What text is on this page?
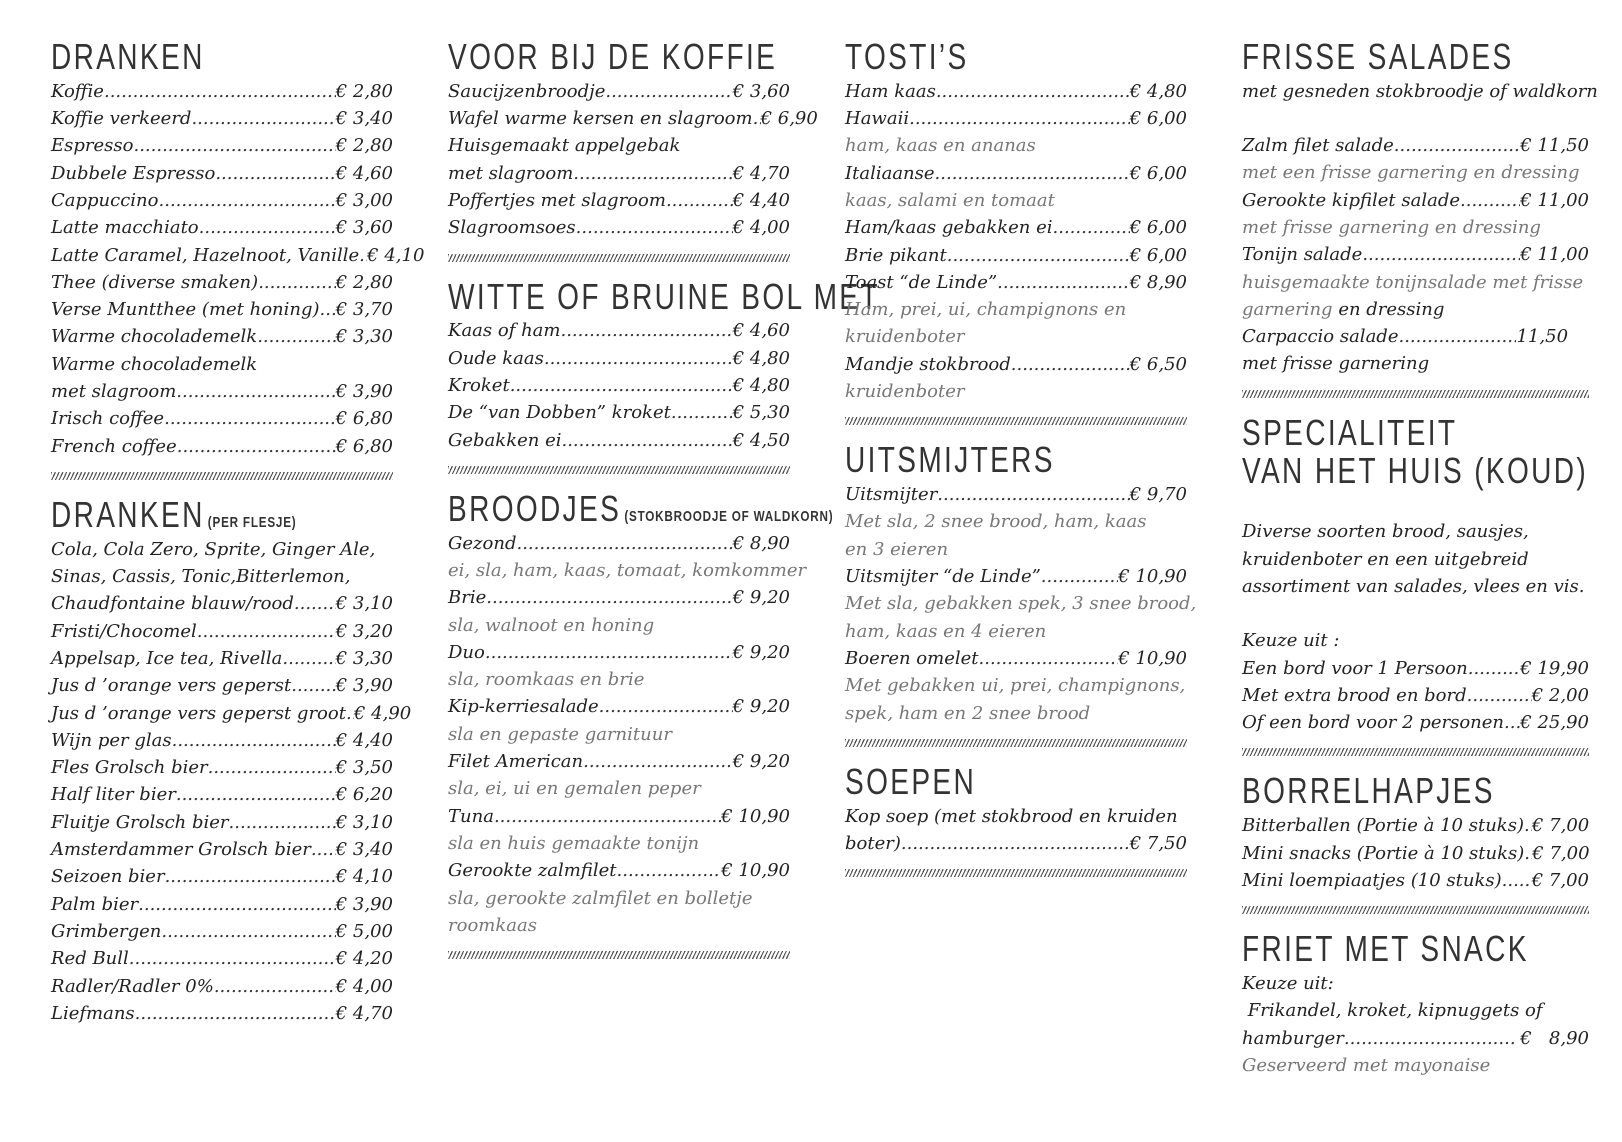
DRANKEN
Koffie .....	€ 2,80
Koffie verkeerd .....	€ 3,40
Espresso .....	€ 2,80
Dubbele Espresso .....	€ 4,60
Cappuccino .....	€ 3,00
Latte macchiato .....	€ 3,60
Latte Caramel, Hazelnoot, Vanille ..... € 4,10
Thee (diverse smaken) .....	€ 2,80
Verse Muntthee (met honing) ..... € 3,70
Warme chocolademelk .....	€ 3,30
Warme chocolademelk
met slagroom .....	€ 3,90
Irisch coffee .....	€ 6,80
French coffee .....	€ 6,80
DRANKEN (PER FLESJE)
Cola, Cola Zero, Sprite, Ginger Ale,
Sinas, Cassis, Tonic,Bitterlemon,
Chaudfontaine blauw/rood ..... € 3,10
Fristi/Chocomel .....	€ 3,20
Appelsap, Ice tea, Rivella .....	€ 3,30
Jus d ’orange vers geperst ..... € 3,90
Jus d ’orange vers geperst groot ..... € 4,90
Wijn per glas .....	€ 4,40
Fles Grolsch bier .....	€ 3,50
Half liter bier .....	€ 6,20
Fluitje Grolsch bier .....	€ 3,10
Amsterdammer Grolsch bier ..... € 3,40
Seizoen bier .....	€ 4,10
Palm bier .....	€ 3,90
Grimbergen .....	€ 5,00
Red Bull .....	€ 4,20
Radler/Radler 0% .....	€ 4,00
Liefmans .....	€ 4,70
VOOR BIJ DE KOFFIE
Saucijzenbroodje .....	€ 3,60
Wafel warme kersen en slagroom ..... € 6,90
Huisgemaakt appelgebak
met slagroom .....	€ 4,70
Poffertjes met slagroom .....	€ 4,40
Slagroomsoes .....	€ 4,00
WITTE OF BRUINE BOL MET
Kaas of ham .....	€ 4,60
Oude kaas .....	€ 4,80
Kroket .....	€ 4,80
De “van Dobben” kroket .....	€ 5,30
Gebakken ei .....	€ 4,50
BROODJES (STOKBROODJE OF WALDKORN)
Gezond .....	€ 8,90
ei, sla, ham, kaas, tomaat, komkommer
Brie .....	€ 9,20
sla, walnoot en honing
Duo .....	€ 9,20
sla, roomkaas en brie
Kip-kerriesalade .....	€ 9,20
sla en gepaste garnituur
Filet American .....	€ 9,20
sla, ei, ui en gemalen peper
Tuna .....	€ 10,90
sla en huis gemaakte tonijn
Gerookte zalmfilet .....	€ 10,90
sla, gerookte zalmfilet en bolletje
roomkaas
TOSTI’S
Ham kaas .....	€ 4,80
Hawaii .....	€ 6,00
ham, kaas en ananas
Italiaanse .....	€ 6,00
kaas, salami en tomaat
Ham/kaas gebakken ei .....	€ 6,00
Brie pikant .....	€ 6,00
Toast “de Linde” .....	€ 8,90
Ham, prei, ui, champignons en
kruidenboter
Mandje stokbrood .....	€ 6,50
kruidenboter
UITSMIJTERS
Uitsmijter .....	€ 9,70
Met sla, 2 snee brood, ham, kaas
en 3 eieren
Uitsmijter “de Linde” .....	€ 10,90
Met sla, gebakken spek, 3 snee brood,
ham, kaas en 4 eieren
Boeren omelet .....	€ 10,90
Met gebakken ui, prei, champignons,
spek, ham en 2 snee brood
SOEPEN
Kop soep (met stokbrood en kruiden
boter) .....	€ 7,50
FRISSE SALADES
met gesneden stokbroodje of waldkorn
Zalm filet salade .....	€ 11,50
met een frisse garnering en dressing
Gerookte kipfilet salade .....	€ 11,00
met frisse garnering en dressing
Tonijn salade .....	€ 11,00
huisgemaakte tonijnsalade met frisse
garnering en dressing
Carpaccio salade .....	11,50
met frisse garnering
SPECIALITEIT
VAN HET HUIS (KOUD)
Diverse soorten brood, sausjes,
kruidenboter en een uitgebreid
assortiment van salades, vlees en vis.
Keuze uit :
Een bord voor 1 Persoon .....	€ 19,90
Met extra brood en bord .....	€ 2,00
Of een bord voor 2 personen ..... € 25,90
BORRELHAPJES
Bitterballen (Portie à 10 stuks) ..... € 7,00
Mini snacks (Portie à 10 stuks) ..... € 7,00
Mini loempiaatjes (10 stuks) ..... € 7,00
FRIET MET SNACK
Keuze uit:
Frikandel, kroket, kipnuggets of
hamburger .....	€   8,90
Geserveerd met mayonaise
